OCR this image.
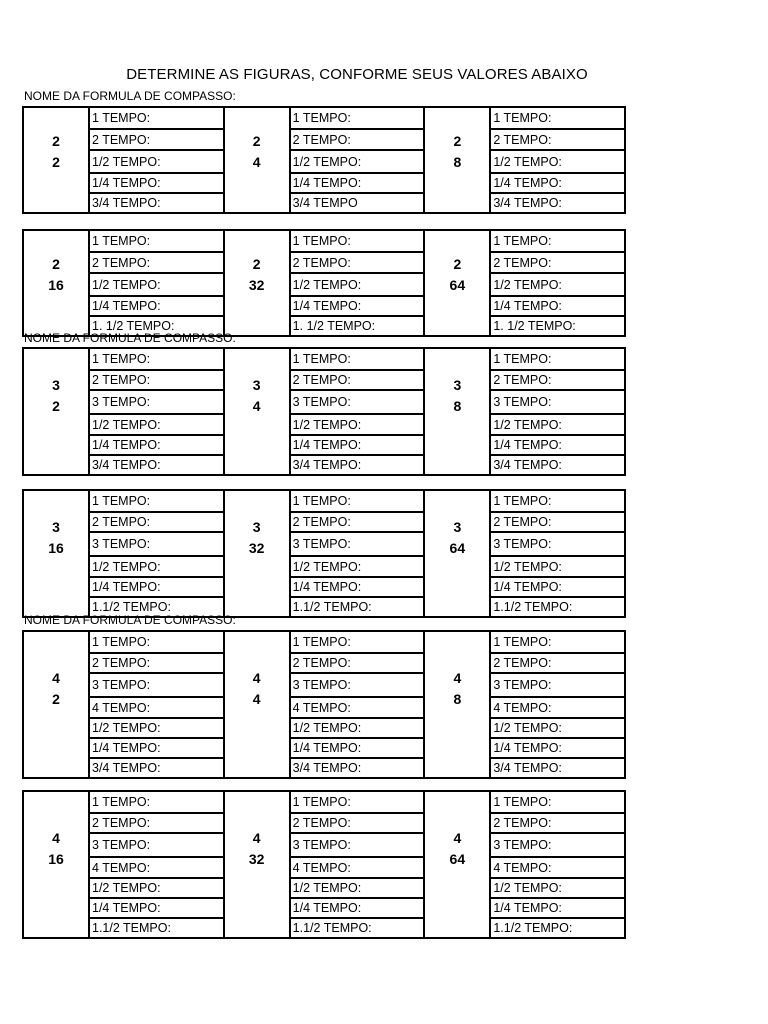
DETERMINE AS FIGURAS, CONFORME SEUS VALORES ABAIXO
NOME DA FORMULA DE COMPASSO:
2
2
1 TEMPO:
2 TEMPO:
1/2 TEMPO:
1/4 TEMPO:
3/4 TEMPO:
2
4
1 TEMPO:
2 TEMPO:
1/2 TEMPO:
1/4 TEMPO:
3/4 TEMPO
2
8
1 TEMPO:
2 TEMPO:
1/2 TEMPO:
1/4 TEMPO:
3/4 TEMPO:
2
16
1 TEMPO:
2 TEMPO:
1/2 TEMPO:
1/4 TEMPO:
1. 1/2 TEMPO:
2
32
1 TEMPO:
2 TEMPO:
1/2 TEMPO:
1/4 TEMPO:
1. 1/2 TEMPO:
2
64
1 TEMPO:
2 TEMPO:
1/2 TEMPO:
1/4 TEMPO:
1. 1/2 TEMPO:
NOME DA FORMULA DE COMPASSO:
3
2
1 TEMPO:
2 TEMPO:
3 TEMPO:
1/2 TEMPO:
1/4 TEMPO:
3/4 TEMPO:
3
4
1 TEMPO:
2 TEMPO:
3 TEMPO:
1/2 TEMPO:
1/4 TEMPO:
3/4 TEMPO:
3
8
1 TEMPO:
2 TEMPO:
3 TEMPO:
1/2 TEMPO:
1/4 TEMPO:
3/4 TEMPO:
3
16
1 TEMPO:
2 TEMPO:
3 TEMPO:
1/2 TEMPO:
1/4 TEMPO:
1.1/2 TEMPO:
3
32
1 TEMPO:
2 TEMPO:
3 TEMPO:
1/2 TEMPO:
1/4 TEMPO:
1.1/2 TEMPO:
3
64
1 TEMPO:
2 TEMPO:
3 TEMPO:
1/2 TEMPO:
1/4 TEMPO:
1.1/2 TEMPO:
NOME DA FORMULA DE COMPASSO:
4
2
1 TEMPO:
2 TEMPO:
3 TEMPO:
4 TEMPO:
1/2 TEMPO:
1/4 TEMPO:
3/4 TEMPO:
4
4
1 TEMPO:
2 TEMPO:
3 TEMPO:
4 TEMPO:
1/2 TEMPO:
1/4 TEMPO:
3/4 TEMPO:
4
8
1 TEMPO:
2 TEMPO:
3 TEMPO:
4 TEMPO:
1/2 TEMPO:
1/4 TEMPO:
3/4 TEMPO:
4
16
1 TEMPO:
2 TEMPO:
3 TEMPO:
4 TEMPO:
1/2 TEMPO:
1/4 TEMPO:
1.1/2 TEMPO:
4
32
1 TEMPO:
2 TEMPO:
3 TEMPO:
4 TEMPO:
1/2 TEMPO:
1/4 TEMPO:
1.1/2 TEMPO:
4
64
1 TEMPO:
2 TEMPO:
3 TEMPO:
4 TEMPO:
1/2 TEMPO:
1/4 TEMPO:
1.1/2 TEMPO:
